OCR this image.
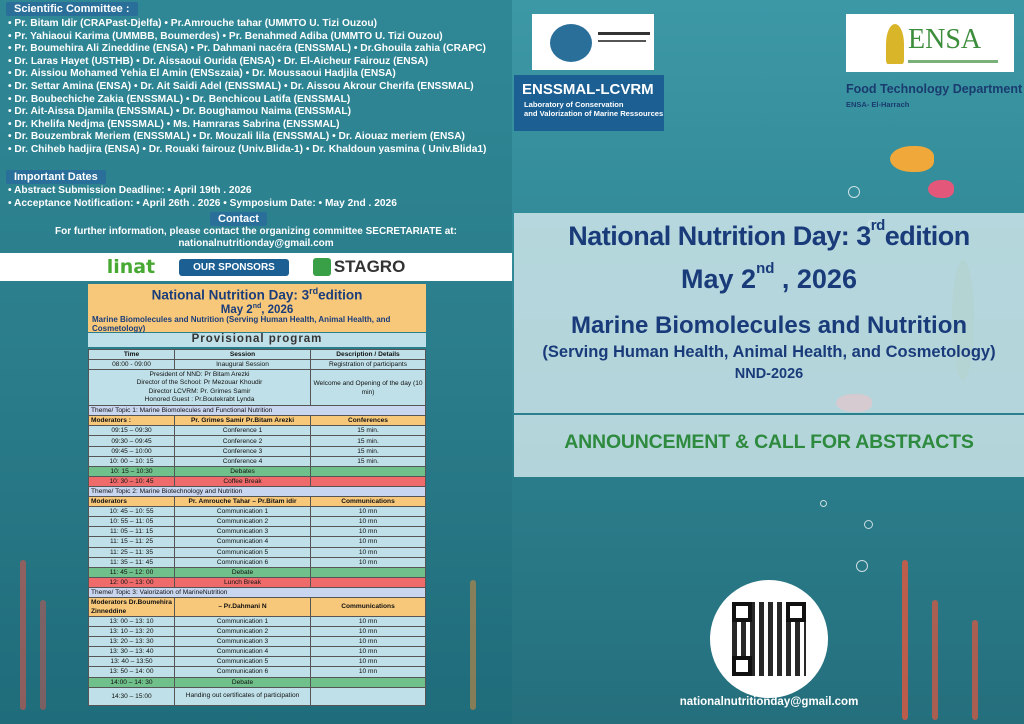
Scientific Committee :
• Pr. Bitam Idir (CRAPast-Djelfa) • Pr.Amrouche tahar (UMMTO U. Tizi Ouzou)
• Pr. Yahiaoui Karima (UMMBB, Boumerdes) • Pr. Benahmed Adiba (UMMTO U. Tizi Ouzou)
• Pr. Boumehira Ali Zineddine (ENSA) • Pr. Dahmani nacéra (ENSSMAL) • Dr.Ghouila zahia (CRAPC)
• Dr. Laras Hayet (USTHB) • Dr. Aissaoui Ourida (ENSA) • Dr. El-Aicheur Fairouz (ENSA)
• Dr. Aissiou Mohamed Yehia El Amin (ENSszaia) • Dr. Moussaoui Hadjila (ENSA)
• Dr. Settar Amina (ENSA) • Dr. Ait Saidi Adel (ENSSMAL) • Dr. Aissou Akrour Cherifa (ENSSMAL)
• Dr. Boubechiche Zakia (ENSSMAL) • Dr. Benchicou Latifa (ENSSMAL)
• Dr. Ait-Aissa Djamila (ENSSMAL) • Dr. Boughamou Naima (ENSSMAL)
• Dr. Khelifa Nedjma (ENSSMAL) • Ms. Hamraras Sabrina (ENSSMAL)
• Dr. Bouzembrak Meriem (ENSSMAL) • Dr. Mouzali lila (ENSSMAL) • Dr. Aiouaz meriem (ENSA)
• Dr. Chiheb hadjira (ENSA) • Dr. Rouaki fairouz (Univ.Blida-1) • Dr. Khaldoun yasmina ( Univ.Blida1)
Important Dates
• Abstract Submission Deadline: • April 19th . 2026
• Acceptance Notification: • April 26th . 2026 • Symposium Date: • May 2nd . 2026
Contact
For further information, please contact the organizing committee SECRETARIATE at:
nationalnutritionday@gmail.com
linat	OUR SPONSORS	STAGRO
National Nutrition Day: 3rdedition
May 2nd, 2026
Marine Biomolecules and Nutrition (Serving Human Health, Animal Health, and Cosmetology)
Provisional program
Time	Session	Description / Details
08:00 - 09:00	Inaugural Session	Registration of participants

President of NND: Pr Bitam Arezki
Director of the School: Pr Mezouar Khoudir
Director LCVRM: Pr. Grimes Samir
Honored Guest : Pr.Boutekrabt Lynda		Welcome and Opening of the day (10 min)
Theme/ Topic 1: Marine Biomolecules and Functional Nutrition		
Moderators :	Pr. Grimes Samir Pr.Bitam Arezki	Conferences
09:15 – 09:30	Conference 1	15 min.
09:30 – 09:45	Conference 2	15 min.
09:45 – 10:00	Conference 3	15 min.
10: 00 – 10: 15	Conference 4	15 min.
10: 15 – 10:30	Debates	
10: 30 – 10: 45	Coffee Break	
Theme/ Topic 2: Marine Biotechnology and Nutrition		
Moderators	Pr. Amrouche Tahar – Pr.Bitam idir	Communications
10: 45 – 10: 55	Communication 1	10 mn
10: 55 – 11: 05	Communication 2	10 mn
11: 05 – 11: 15	Communication 3	10 mn
11: 15 – 11: 25	Communication 4	10 mn
11: 25 – 11: 35	Communication 5	10 mn
11: 35 – 11: 45	Communication 6	10 mn
11: 45 – 12: 00	Debate	
12: 00 – 13: 00	Lunch Break	
Theme/ Topic 3: Valorization of MarineNutrition		
Moderators Dr.Boumehira Zinneddine	– Pr.Dahmani N	Communications
13: 00 – 13: 10	Communication 1	10 mn
13: 10 – 13: 20	Communication 2	10 mn
13: 20 – 13: 30	Communication 3	10 mn
13: 30 – 13: 40	Communication 4	10 mn
13: 40 – 13:50	Communication 5	10 mn
13: 50 – 14: 00	Communication 6	10 mn
14:00 – 14: 30	Debate	
14:30 – 15:00	Handing out certificates of participation	
ENSA
ENSSMAL-LCVRM
Laboratory of Conservation
and Valorization of Marine Ressources
Food Technology Department
ENSA- El-Harrach
National Nutrition Day: 3rdedition
May 2nd , 2026
Marine Biomolecules and Nutrition
(Serving Human Health, Animal Health, and Cosmetology)
NND-2026
ANNOUNCEMENT & CALL FOR ABSTRACTS
nationalnutritionday@gmail.com
